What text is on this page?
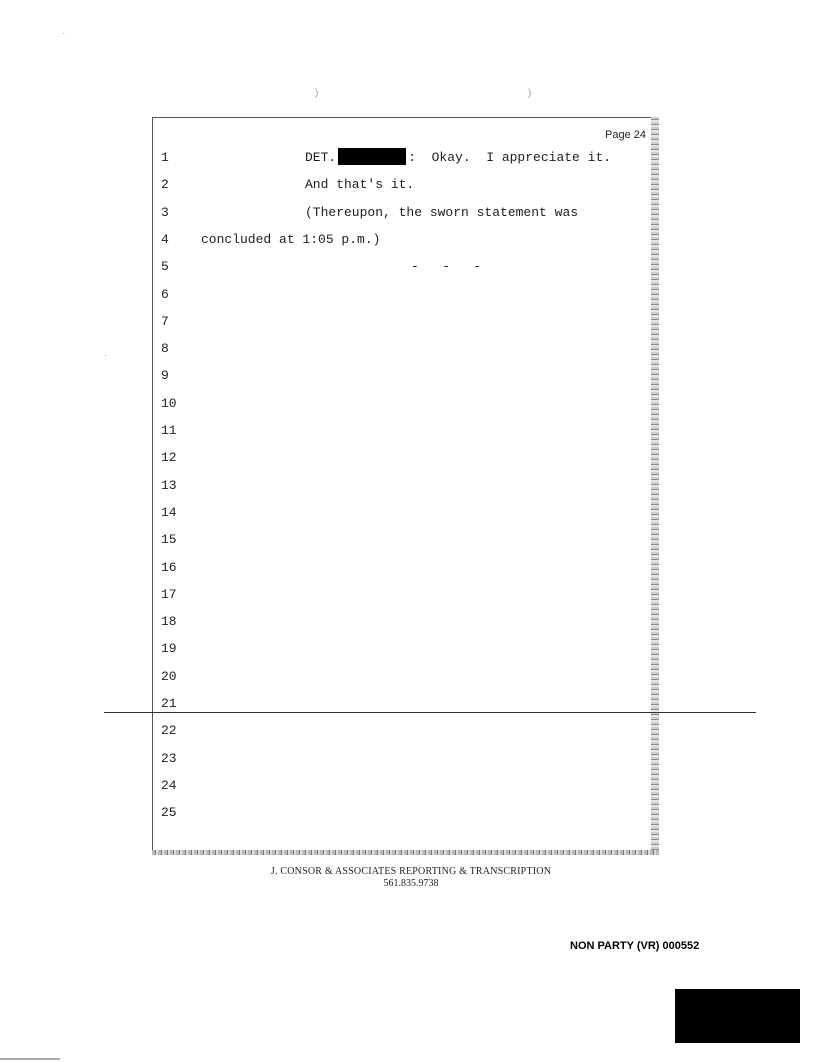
·
)	)
·
Page 24
1	DET.	:  Okay.  I appreciate it.
2	And that's it.
3	(Thereupon, the sworn statement was
4	concluded at 1:05 p.m.)
5	-   -   -
6
7
8
9
10
11
12
13
14
15
16
17
18
19
20
21
22
23
24
25
J. CONSOR & ASSOCIATES REPORTING & TRANSCRIPTION
561.835.9738
NON PARTY (VR) 000552
